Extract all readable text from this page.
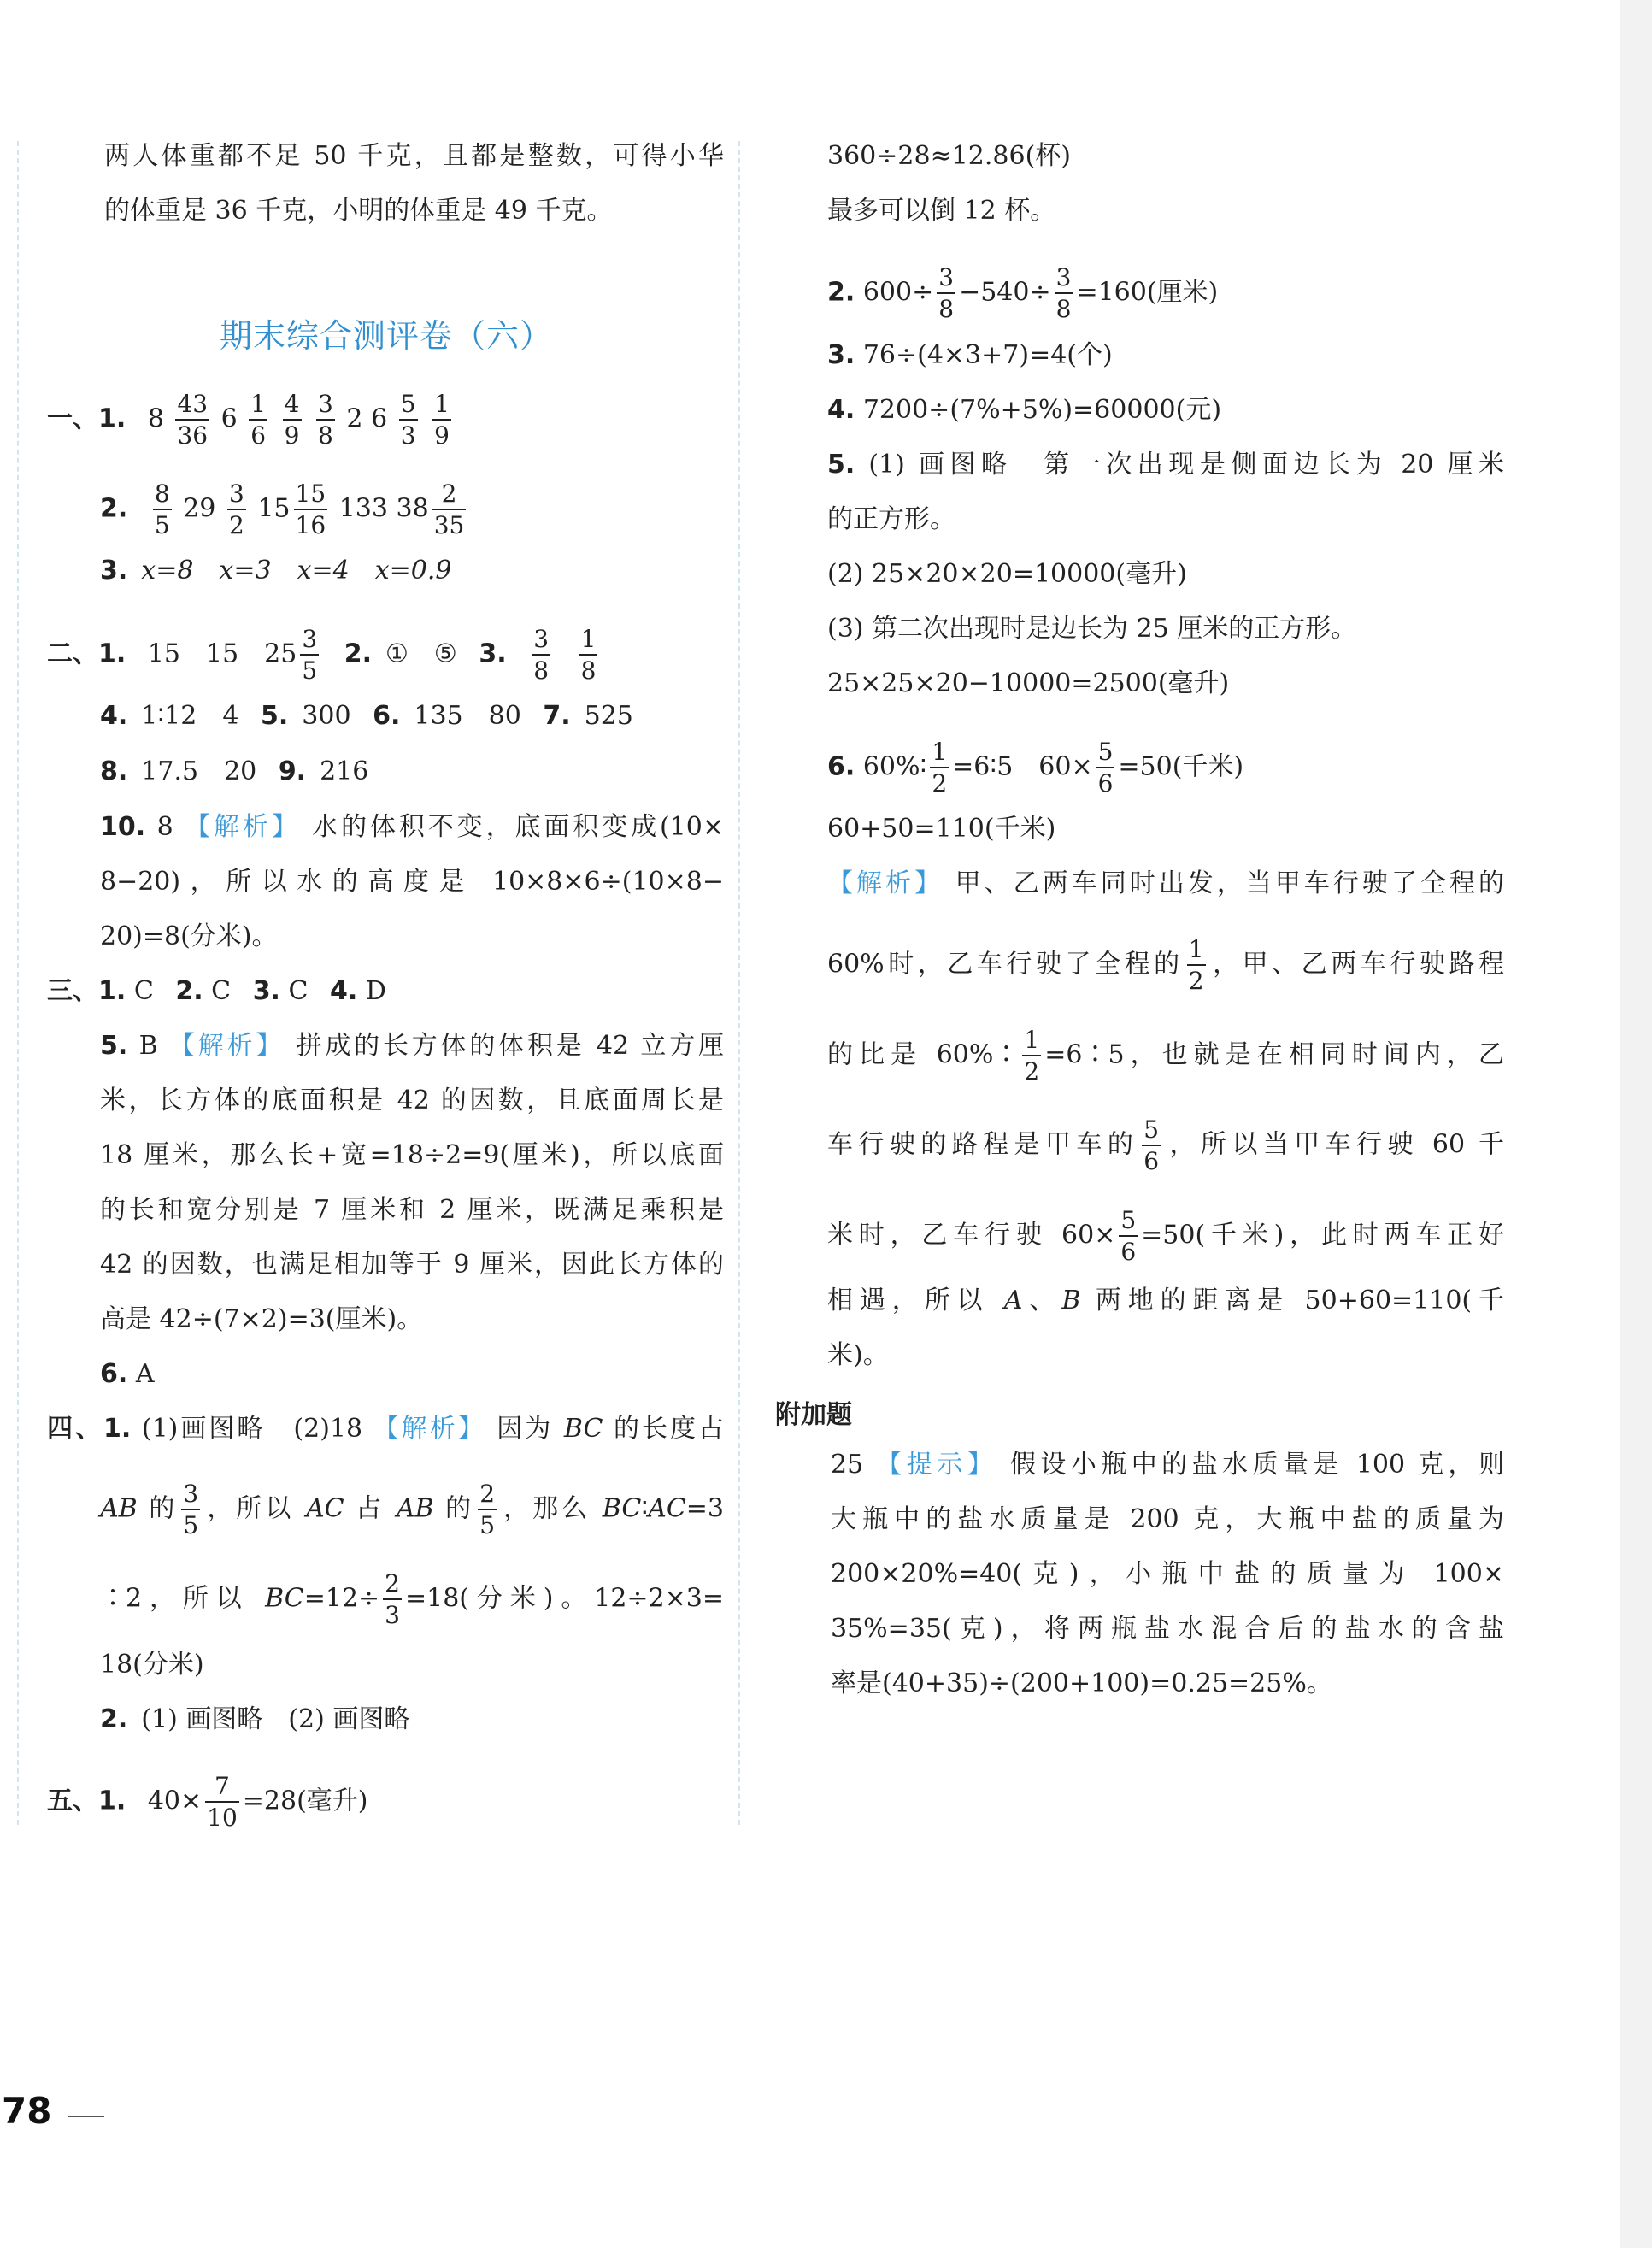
两人体重都不足 50 千克，且都是整数，可得小华
的体重是 36 千克，小明的体重是 49 千克。
期末综合测评卷（六）
一、1. $8 \frac{43}{36} 6 \frac{1}{6}$
$\frac{4}{9}$
$\frac{3}{8} 2$ $6 \frac{5}{3}$
$\frac{1}{9}$
2. $\frac{8}{5} 29 \frac{3}{2} 15 \frac{15}{16} 133$ $38 \frac{2}{35}$
3. x=8　x=3　x=4　x=0.9
二、1. 15　15　$25 \frac{3}{5} 2$. ①　⑤ 3. $\frac{3}{8}$
$\frac{1}{8}$
4. 1∶12　4 5. 300 6. 135　80 7. 525
8. 17.5　20 9. 216
10. 8 【解析】 水的体积不变，底面积变成(10×
8−20)，所以水的高度是 10×8×6÷(10×8−
20)=8(分米)。
三、1. C 2. C 3. C 4. D
5. B 【解析】 拼成的长方体的体积是 42 立方厘
米，长方体的底面积是 42 的因数，且底面周长是
18 厘米，那么长+宽=18÷2=9(厘米)，所以底面
的长和宽分别是 7 厘米和 2 厘米，既满足乘积是
42 的因数，也满足相加等于 9 厘米，因此长方体的
高是 42÷(7×2)=3(厘米)。
6. A
四、1. (1)画图略　(2)18 【解析】 因为 BC 的长度占
AB 的 $\frac{3}{5}$ ，所以 AC 占 AB 的 $\frac{2}{5}$ ，那么 BC∶AC=3
∶2，所以 $BC=12\div \frac{2}{3} =18$(分米)。12÷2×3=
18(分米)
2. (1) 画图略　(2) 画图略
五、1. $40\times \frac{7}{10} =28$(毫升)
360÷28≈12.86(杯)
最多可以倒 12 杯。
2. $600\div \frac{3}{8} -540\div \frac{3}{8} =160$(厘米)
3. 76÷(4×3+7)=4(个)
4. 7200÷(7%+5%)=60000(元)
5. (1) 画图略　第一次出现是侧面边长为 20 厘米
的正方形。
(2) 25×20×20=10000(毫升)
(3) 第二次出现时是边长为 25 厘米的正方形。
25×25×20−10000=2500(毫升)
6. 60%∶ $\frac{1}{2}$ =6∶5　$60\times \frac{5}{6} =50$(千米)
60+50=110(千米)
【解析】 甲、乙两车同时出发，当甲车行驶了全程的
60%时，乙车行驶了全程的 $\frac{1}{2}$ ，甲、乙两车行驶路程
的比是 60%∶ $\frac{1}{2}$ =6∶5，也就是在相同时间内，乙
车行驶的路程是甲车的 $\frac{5}{6}$ ，所以当甲车行驶 60 千
米时，乙车行驶 $60\times \frac{5}{6} =50$(千米)，此时两车正好
相遇，所以 A、B 两地的距离是 50+60=110(千
米)。
附加题
25 【提示】 假设小瓶中的盐水质量是 100 克，则
大瓶中的盐水质量是 200 克，大瓶中盐的质量为
200×20%=40(克)，小瓶中盐的质量为 100×
35%=35(克)，将两瓶盐水混合后的盐水的含盐
率是(40+35)÷(200+100)=0.25=25%。
78
